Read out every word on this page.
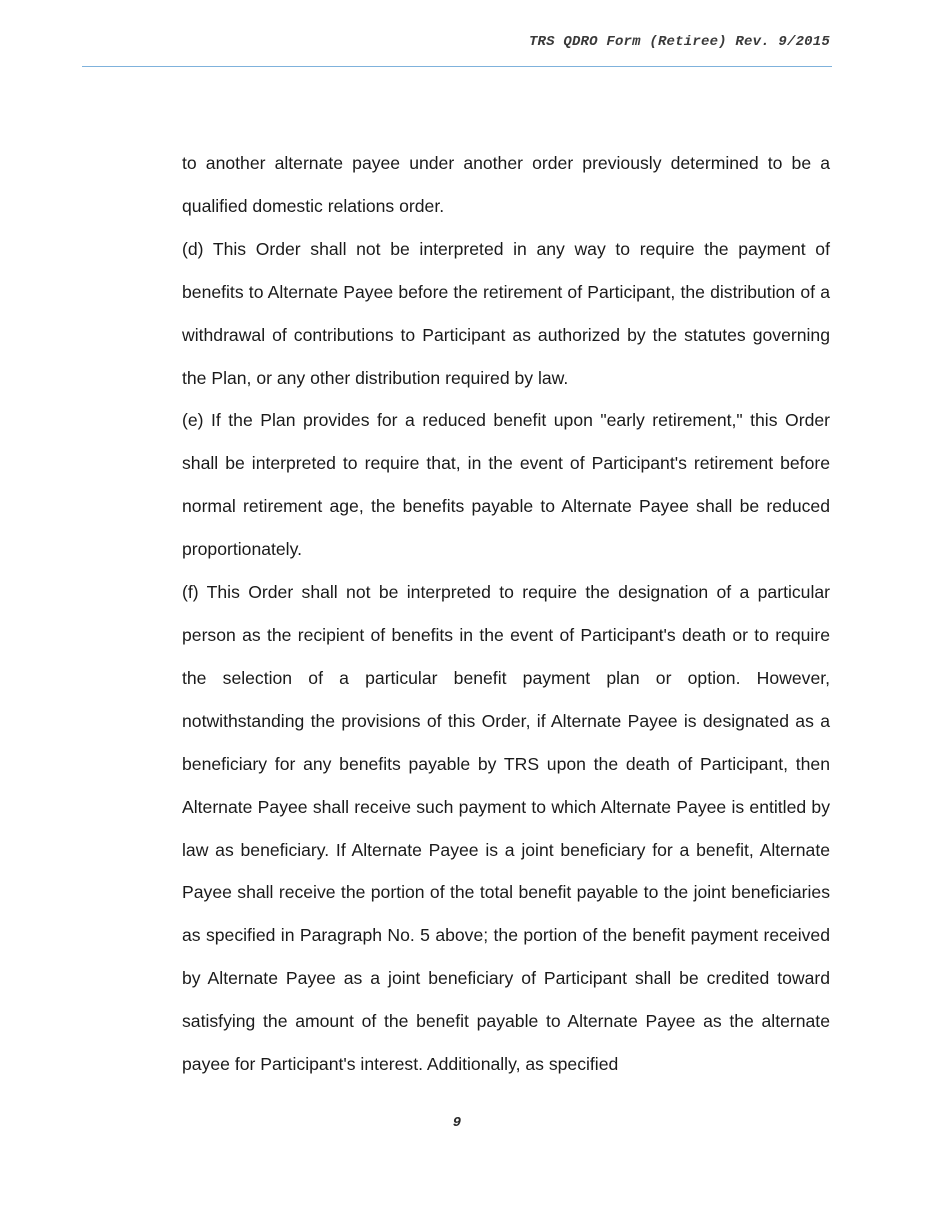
TRS QDRO Form (Retiree) Rev. 9/2015

to another alternate payee under another order previously determined to be a qualified domestic relations order.

(d) This Order shall not be interpreted in any way to require the payment of benefits to Alternate Payee before the retirement of Participant, the distribution of a withdrawal of contributions to Participant as authorized by the statutes governing the Plan, or any other distribution required by law.

(e) If the Plan provides for a reduced benefit upon "early retirement," this Order shall be interpreted to require that, in the event of Participant's retirement before normal retirement age, the benefits payable to Alternate Payee shall be reduced proportionately.

(f) This Order shall not be interpreted to require the designation of a particular person as the recipient of benefits in the event of Participant's death or to require the selection of a particular benefit payment plan or option. However, notwithstanding the provisions of this Order, if Alternate Payee is designated as a beneficiary for any benefits payable by TRS upon the death of Participant, then Alternate Payee shall receive such payment to which Alternate Payee is entitled by law as beneficiary. If Alternate Payee is a joint beneficiary for a benefit, Alternate Payee shall receive the portion of the total benefit payable to the joint beneficiaries as specified in Paragraph No. 5 above; the portion of the benefit payment received by Alternate Payee as a joint beneficiary of Participant shall be credited toward satisfying the amount of the benefit payable to Alternate Payee as the alternate payee for Participant's interest. Additionally, as specified

9
